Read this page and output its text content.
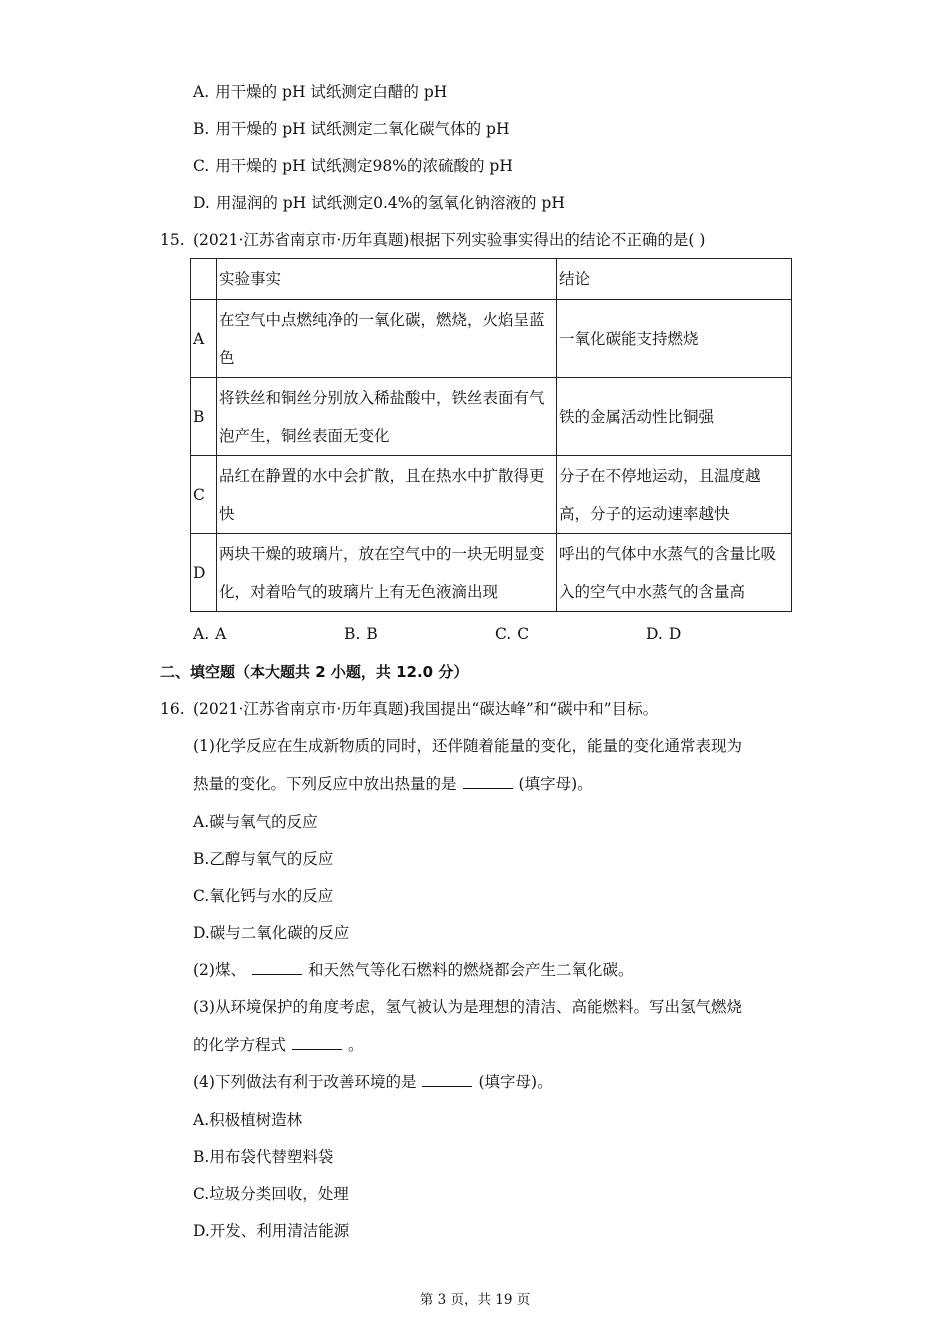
A. 用干燥的 pH 试纸测定白醋的 pH
B. 用干燥的 pH 试纸测定二氧化碳气体的 pH
C. 用干燥的 pH 试纸测定98%的浓硫酸的 pH
D. 用湿润的 pH 试纸测定0.4%的氢氧化钠溶液的 pH
15. (2021·江苏省南京市·历年真题)根据下列实验事实得出的结论不正确的是( )
	实验事实	结论
A	在空气中点燃纯净的一氧化碳，燃烧，火焰呈蓝色	一氧化碳能支持燃烧
B	将铁丝和铜丝分别放入稀盐酸中，铁丝表面有气泡产生，铜丝表面无变化	铁的金属活动性比铜强
C	品红在静置的水中会扩散，且在热水中扩散得更快	分子在不停地运动，且温度越高，分子的运动速率越快
D	两块干燥的玻璃片，放在空气中的一块无明显变化，对着哈气的玻璃片上有无色液滴出现	呼出的气体中水蒸气的含量比吸入的空气中水蒸气的含量高
A. A	B. B	C. C	D. D
二、填空题（本大题共 2 小题，共 12.0 分）
16. (2021·江苏省南京市·历年真题)我国提出“碳达峰”和“碳中和”目标。
(1)化学反应在生成新物质的同时，还伴随着能量的变化，能量的变化通常表现为
热量的变化。下列反应中放出热量的是	(填字母)。
A.碳与氧气的反应
B.乙醇与氧气的反应
C.氧化钙与水的反应
D.碳与二氧化碳的反应
(2)煤、	和天然气等化石燃料的燃烧都会产生二氧化碳。
(3)从环境保护的角度考虑，氢气被认为是理想的清洁、高能燃料。写出氢气燃烧
的化学方程式	。
(4)下列做法有利于改善环境的是	(填字母)。
A.积极植树造林
B.用布袋代替塑料袋
C.垃圾分类回收，处理
D.开发、利用清洁能源
第 3 页，共 19 页
